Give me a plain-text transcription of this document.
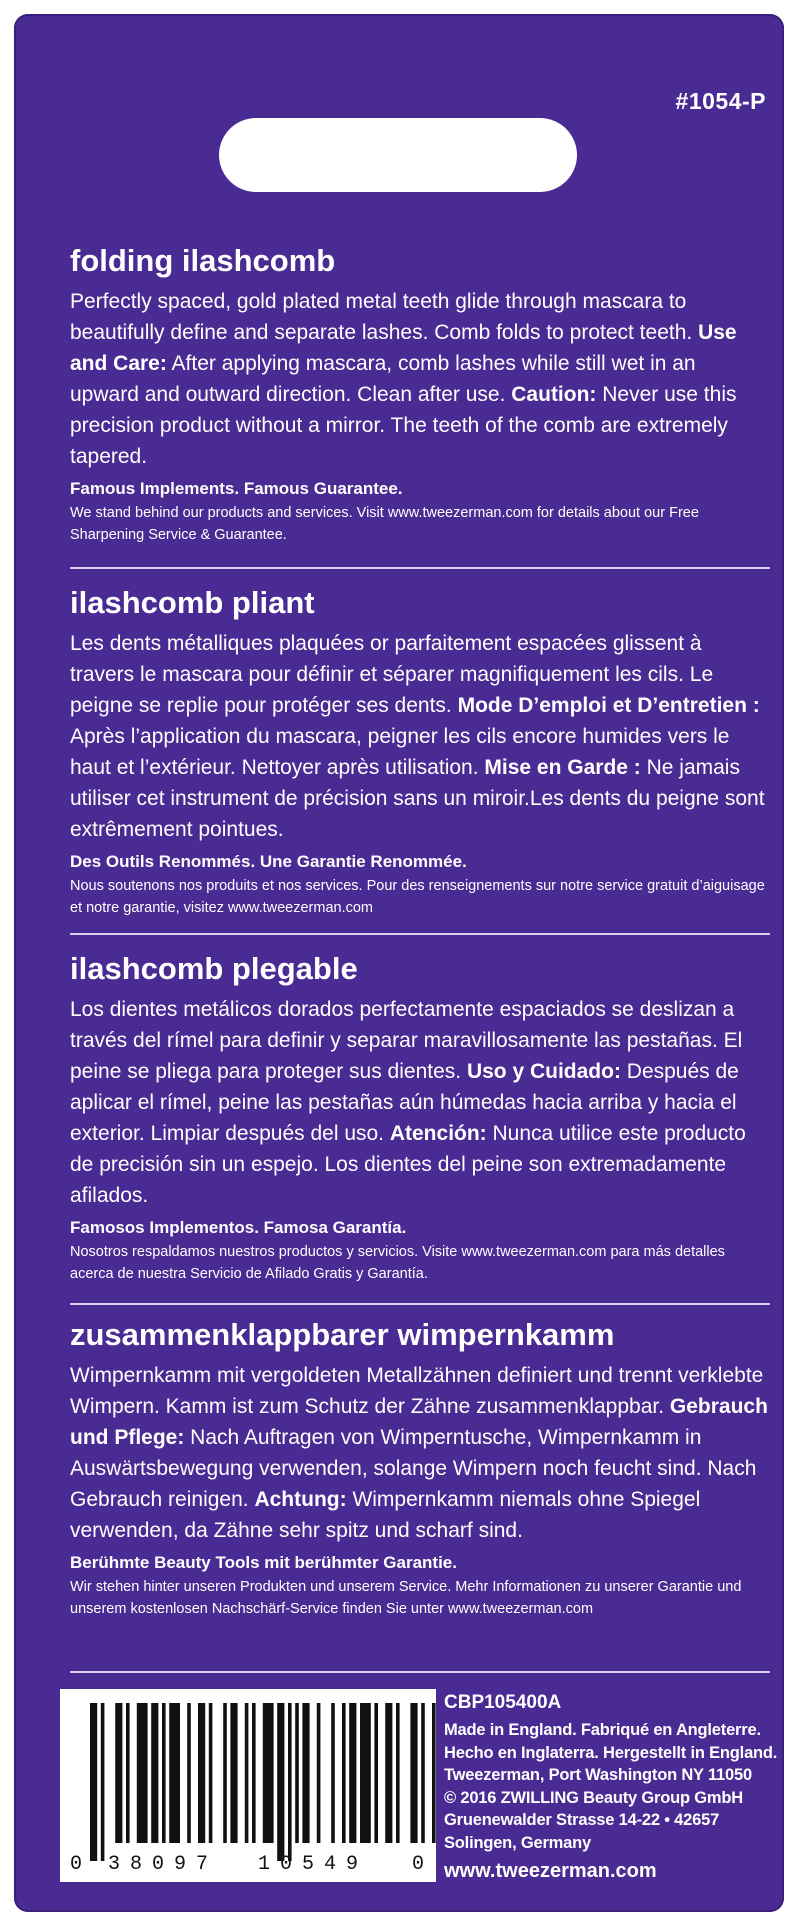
#1054-P
folding ilashcomb

Perfectly spaced, gold plated metal teeth glide through mascara to beautifully define and separate lashes. Comb folds to protect teeth. Use and Care: After applying mascara, comb lashes while still wet in an upward and outward direction. Clean after use. Caution: Never use this precision product without a mirror. The teeth of the comb are extremely tapered.

Famous Implements. Famous Guarantee.

We stand behind our products and services. Visit www.tweezerman.com for details about our Free Sharpening Service & Guarantee.

ilashcomb pliant

Les dents métalliques plaquées or parfaitement espacées glissent à travers le mascara pour définir et séparer magnifiquement les cils. Le peigne se replie pour protéger ses dents. Mode D’emploi et D’entretien : Après l’application du mascara, peigner les cils encore humides vers le haut et l’extérieur. Nettoyer après utilisation. Mise en Garde : Ne jamais utiliser cet instrument de précision sans un miroir.Les dents du peigne sont extrêmement pointues.

Des Outils Renommés. Une Garantie Renommée.

Nous soutenons nos produits et nos services. Pour des renseignements sur notre service gratuit d’aiguisage et notre garantie, visitez www.tweezerman.com

ilashcomb plegable

Los dientes metálicos dorados perfectamente espaciados se deslizan a través del rímel para definir y separar maravillosamente las pestañas. El peine se pliega para proteger sus dientes. Uso y Cuidado: Después de aplicar el rímel, peine las pestañas aún húmedas hacia arriba y hacia el exterior. Limpiar después del uso. Atención: Nunca utilice este producto de precisión sin un espejo. Los dientes del peine son extremadamente afilados.

Famosos Implementos. Famosa Garantía.

Nosotros respaldamos nuestros productos y servicios. Visite www.tweezerman.com para más detalles acerca de nuestra Servicio de Afilado Gratis y Garantía.

zusammenklappbarer wimpernkamm

Wimpernkamm mit vergoldeten Metallzähnen definiert und trennt verklebte Wimpern. Kamm ist zum Schutz der Zähne zusammenklappbar. Gebrauch und Pflege: Nach Auftragen von Wimperntusche, Wimpernkamm in Auswärtsbewegung verwenden, solange Wimpern noch feucht sind. Nach Gebrauch reinigen. Achtung: Wimpernkamm niemals ohne Spiegel verwenden, da Zähne sehr spitz und scharf sind.

Berühmte Beauty Tools mit berühmter Garantie.

Wir stehen hinter unseren Produkten und unserem Service. Mehr Informationen zu unserer Garantie und unserem kostenlosen Nachschärf-Service finden Sie unter www.tweezerman.com

0 38097 10549 0
CBP105400A

Made in England. Fabriqué en Angleterre.

Hecho en Inglaterra. Hergestellt in England.

Tweezerman, Port Washington NY 11050

© 2016 ZWILLING Beauty Group GmbH

Gruenewalder Strasse 14-22 • 42657

Solingen, Germany

www.tweezerman.com
